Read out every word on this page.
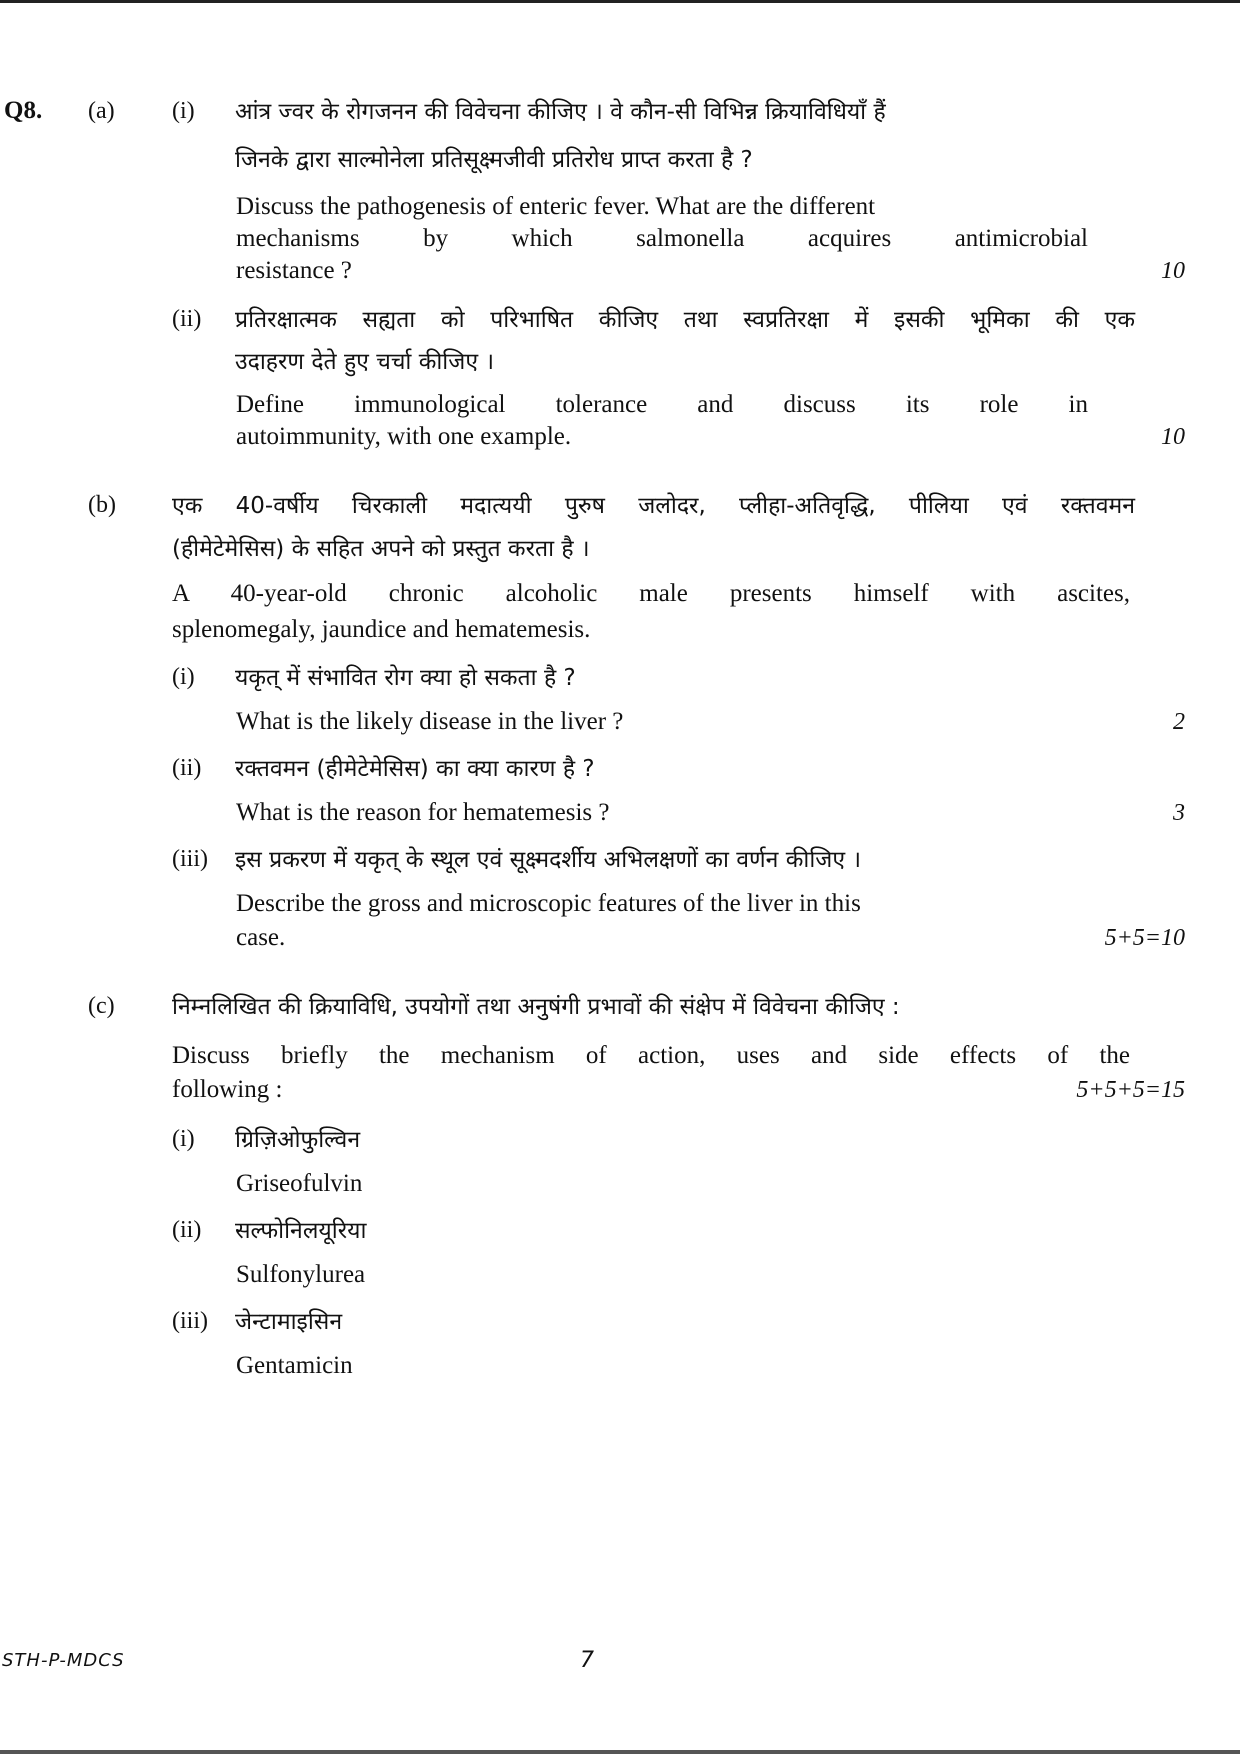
Q8. (a) (i) आंत्र ज्वर के रोगजनन की विवेचना कीजिए । वे कौन-सी विभिन्न क्रियाविधियाँ हैं
जिनके द्वारा साल्मोनेला प्रतिसूक्ष्मजीवी प्रतिरोध प्राप्त करता है ?
Discuss the pathogenesis of enteric fever. What are the different
mechanisms by which salmonella acquires antimicrobial
resistance ?	10
(ii) प्रतिरक्षात्मक सह्यता को परिभाषित कीजिए तथा स्वप्रतिरक्षा में इसकी भूमिका की एक
उदाहरण देते हुए चर्चा कीजिए ।
Define immunological tolerance and discuss its role in
autoimmunity, with one example.	10
(b) एक 40-वर्षीय चिरकाली मदात्ययी पुरुष जलोदर, प्लीहा-अतिवृद्धि, पीलिया एवं रक्तवमन
(हीमेटेमेसिस) के सहित अपने को प्रस्तुत करता है ।
A 40-year-old chronic alcoholic male presents himself with ascites,
splenomegaly, jaundice and hematemesis.
(i) यकृत् में संभावित रोग क्या हो सकता है ?
What is the likely disease in the liver ?	2
(ii) रक्तवमन (हीमेटेमेसिस) का क्या कारण है ?
What is the reason for hematemesis ?	3
(iii) इस प्रकरण में यकृत् के स्थूल एवं सूक्ष्मदर्शीय अभिलक्षणों का वर्णन कीजिए ।
Describe the gross and microscopic features of the liver in this
case.	5+5=10
(c) निम्नलिखित की क्रियाविधि, उपयोगों तथा अनुषंगी प्रभावों की संक्षेप में विवेचना कीजिए :
Discuss briefly the mechanism of action, uses and side effects of the
following :	5+5+5=15
(i) ग्रिज़िओफुल्विन
Griseofulvin
(ii) सल्फोनिलयूरिया
Sulfonylurea
(iii) जेन्टामाइसिन
Gentamicin
STH-P-MDCS	7
